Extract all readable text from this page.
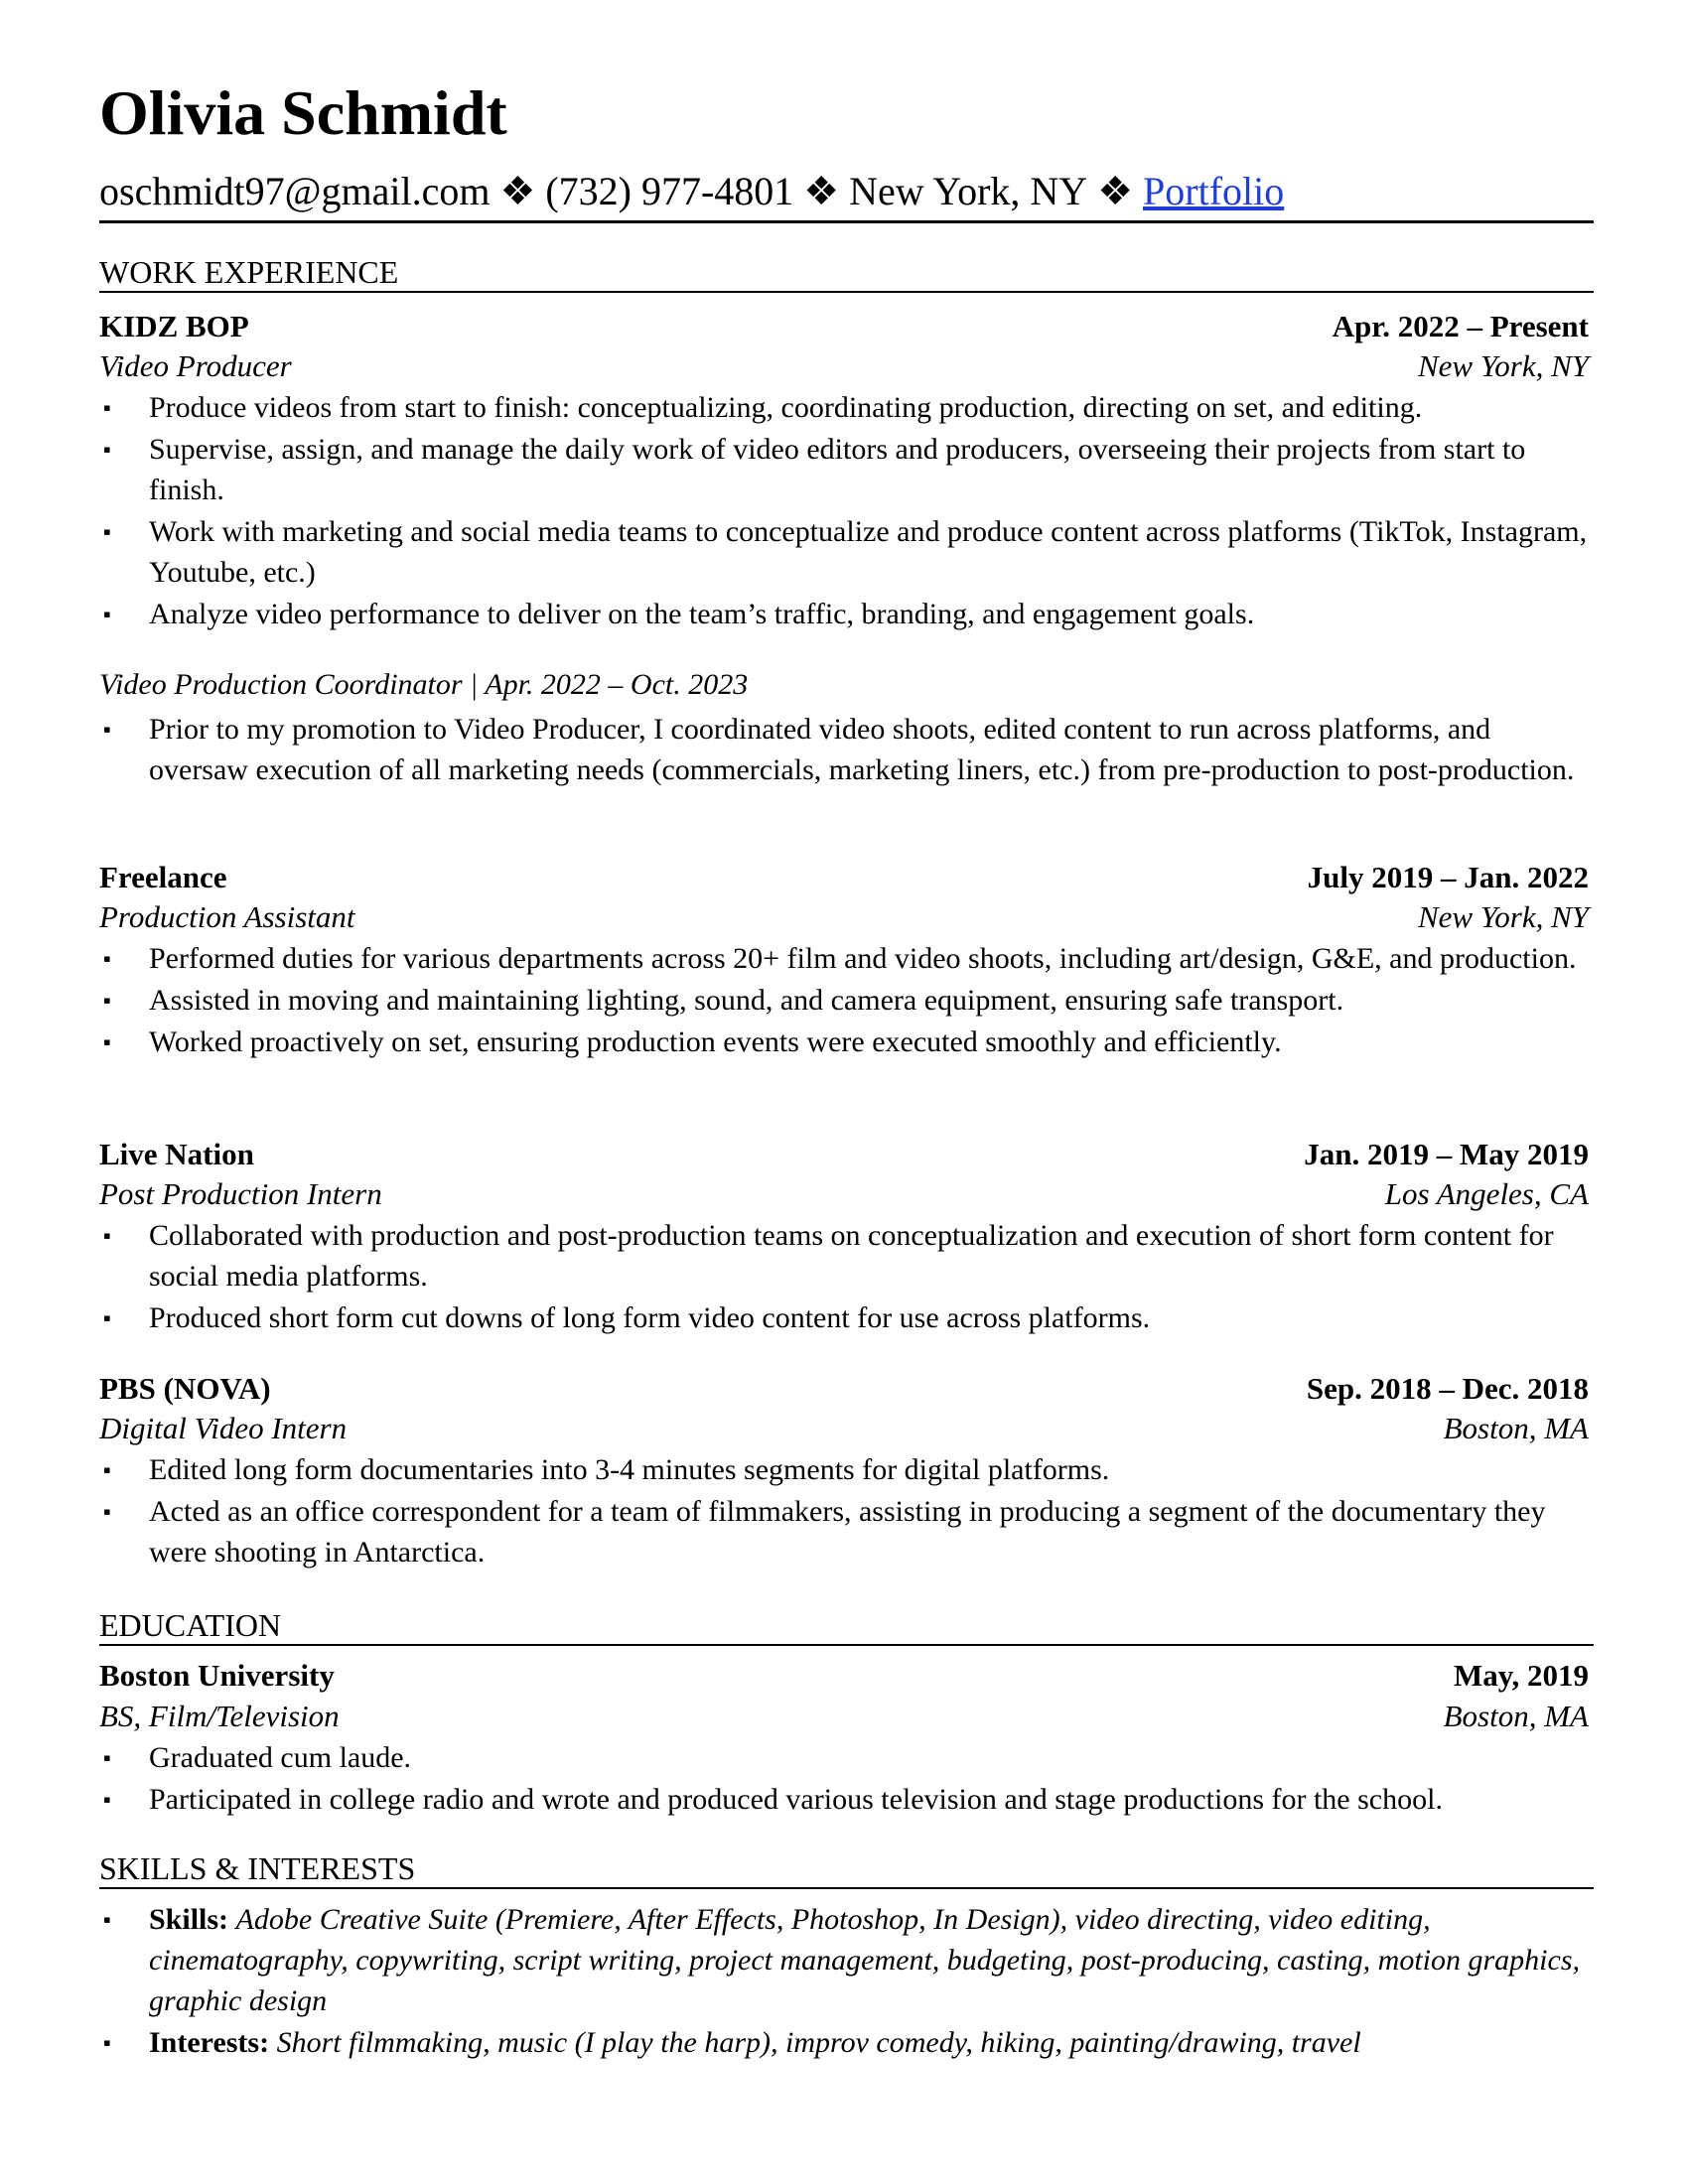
Olivia Schmidt
oschmidt97@gmail.com ❖ (732) 977-4801 ❖ New York, NY ❖ Portfolio
WORK EXPERIENCE
KIDZ BOP	Apr. 2022 – Present
Video Producer	New York, NY
▪ Produce videos from start to finish: conceptualizing, coordinating production, directing on set, and editing.
▪ Supervise, assign, and manage the daily work of video editors and producers, overseeing their projects from start to finish.
▪ Work with marketing and social media teams to conceptualize and produce content across platforms (TikTok, Instagram, Youtube, etc.)
▪ Analyze video performance to deliver on the team’s traffic, branding, and engagement goals.
Video Production Coordinator | Apr. 2022 – Oct. 2023
▪ Prior to my promotion to Video Producer, I coordinated video shoots, edited content to run across platforms, and oversaw execution of all marketing needs (commercials, marketing liners, etc.) from pre-production to post-production.
Freelance	July 2019 – Jan. 2022
Production Assistant	New York, NY
▪ Performed duties for various departments across 20+ film and video shoots, including art/design, G&E, and production.
▪ Assisted in moving and maintaining lighting, sound, and camera equipment, ensuring safe transport.
▪ Worked proactively on set, ensuring production events were executed smoothly and efficiently.
Live Nation	Jan. 2019 – May 2019
Post Production Intern	Los Angeles, CA
▪ Collaborated with production and post-production teams on conceptualization and execution of short form content for social media platforms.
▪ Produced short form cut downs of long form video content for use across platforms.
PBS (NOVA)	Sep. 2018 – Dec. 2018
Digital Video Intern	Boston, MA
▪ Edited long form documentaries into 3-4 minutes segments for digital platforms.
▪ Acted as an office correspondent for a team of filmmakers, assisting in producing a segment of the documentary they were shooting in Antarctica.
EDUCATION
Boston University	May, 2019
BS, Film/Television	Boston, MA
▪ Graduated cum laude.
▪ Participated in college radio and wrote and produced various television and stage productions for the school.
SKILLS & INTERESTS
▪ Skills: Adobe Creative Suite (Premiere, After Effects, Photoshop, In Design), video directing, video editing, cinematography, copywriting, script writing, project management, budgeting, post-producing, casting, motion graphics, graphic design
▪ Interests: Short filmmaking, music (I play the harp), improv comedy, hiking, painting/drawing, travel
